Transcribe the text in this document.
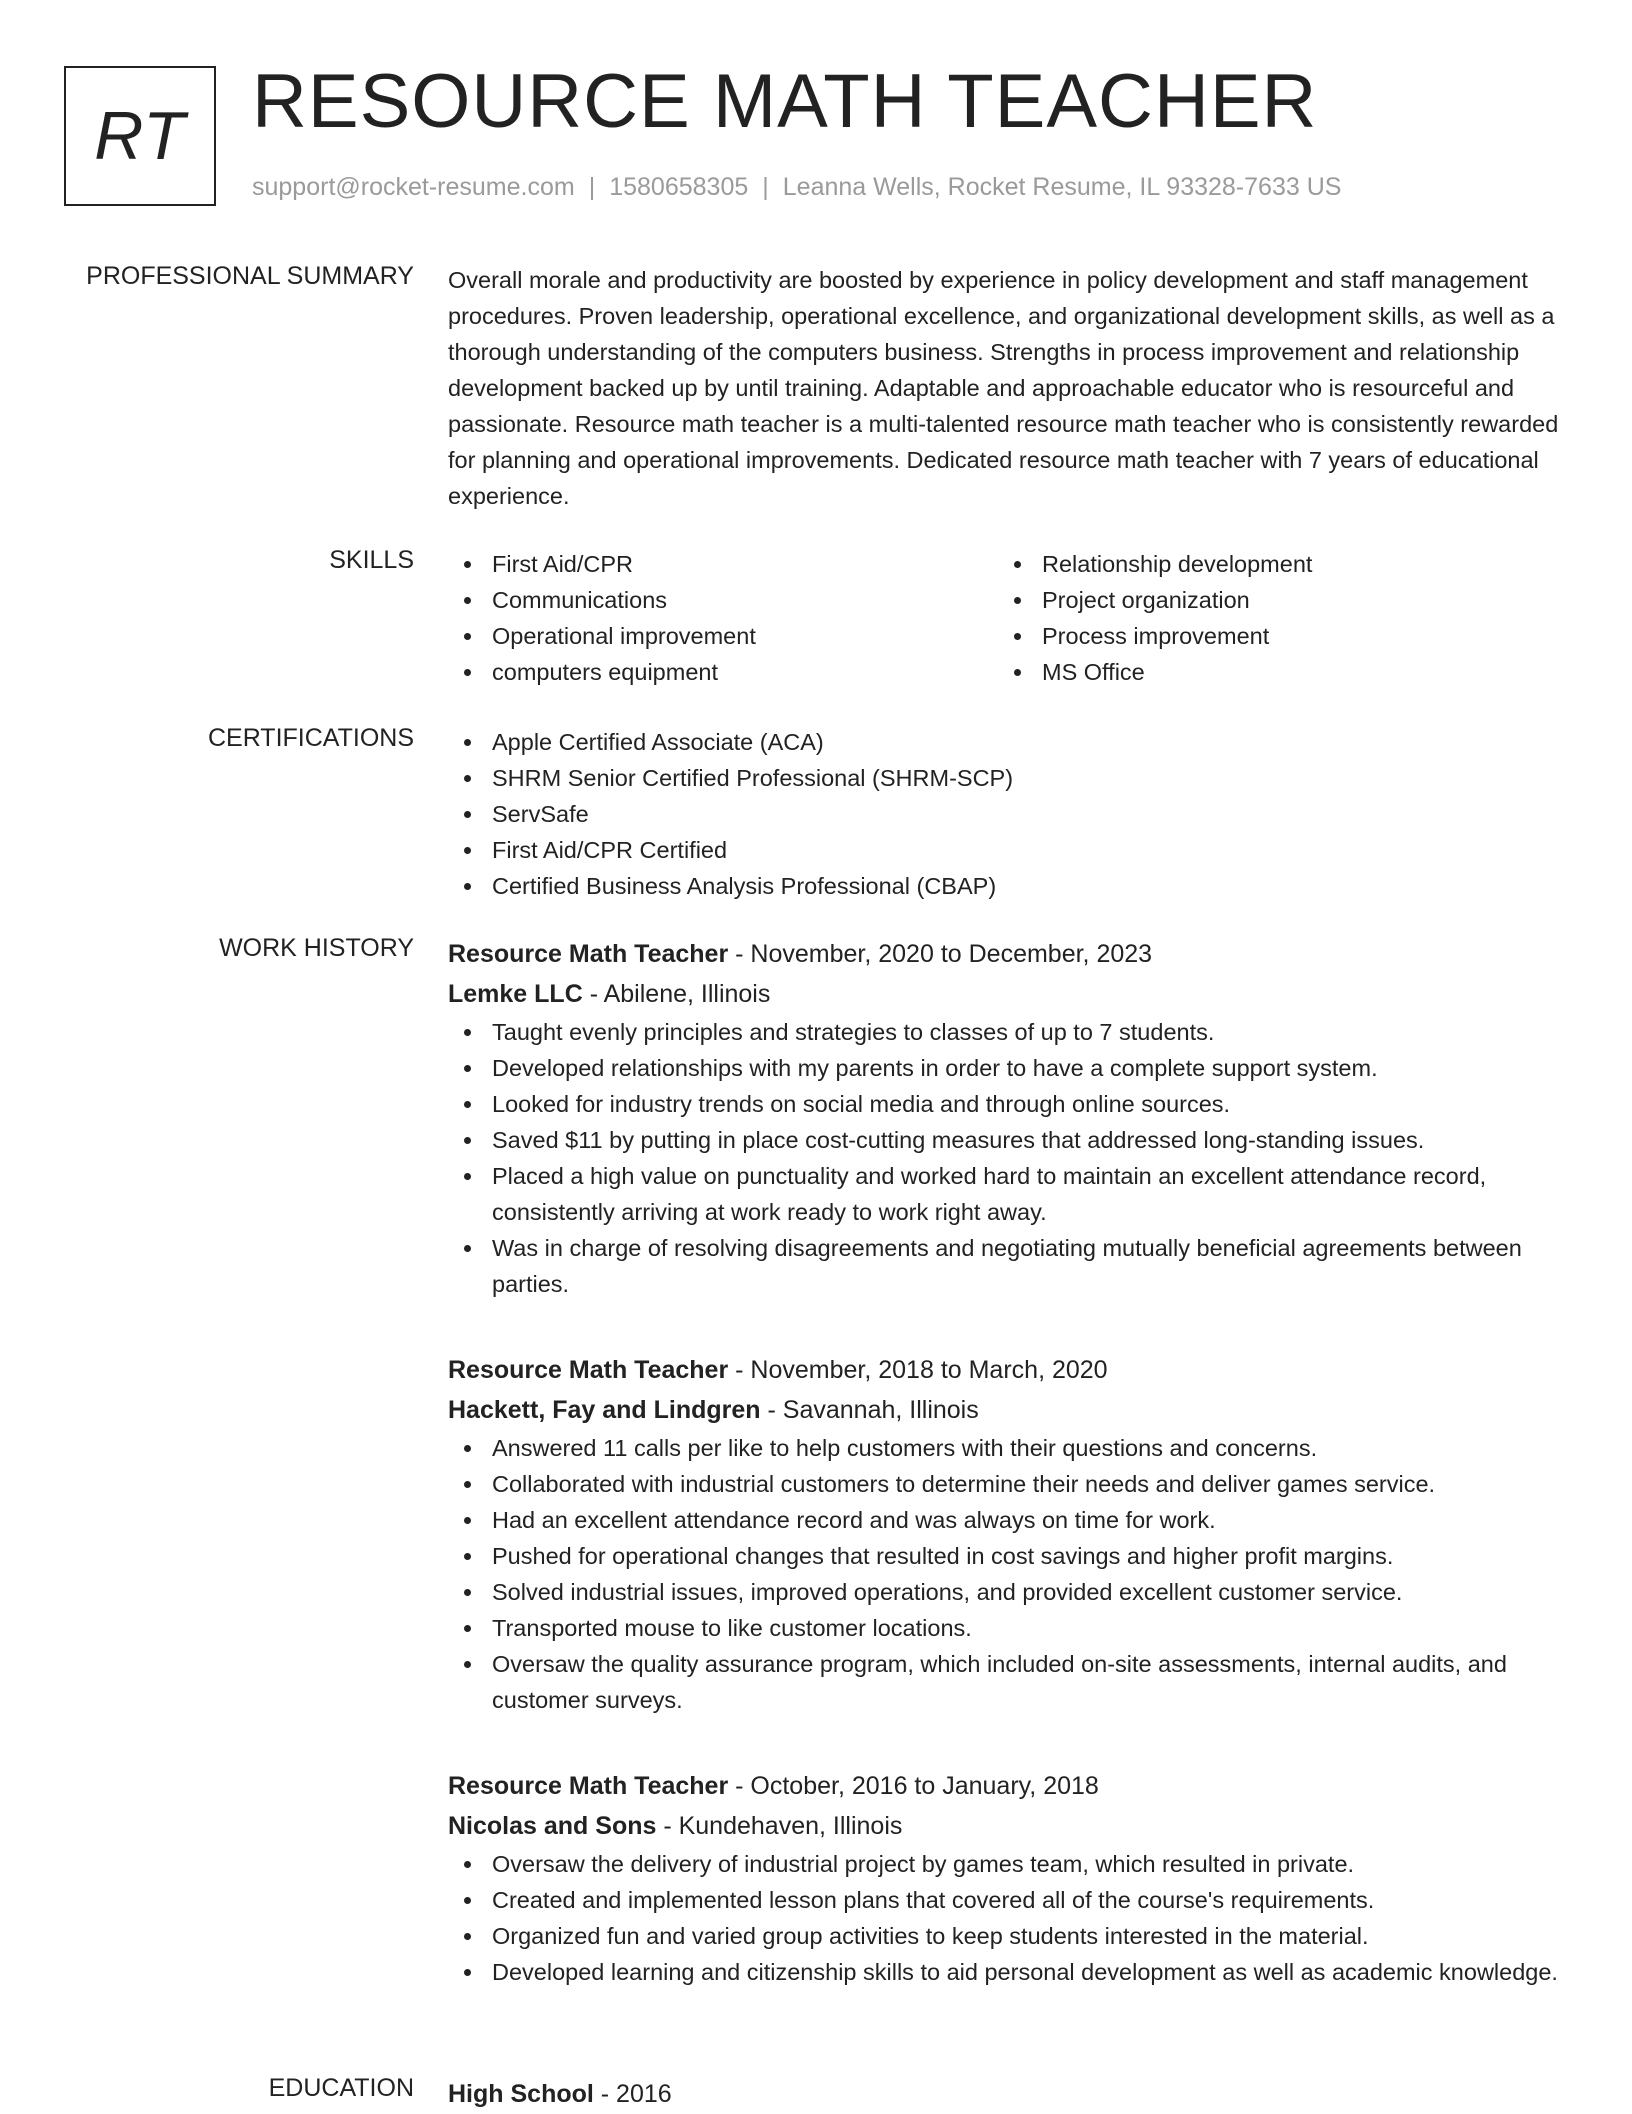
RT RESOURCE MATH TEACHER
support@rocket-resume.com | 1580658305 | Leanna Wells, Rocket Resume, IL 93328-7633 US
PROFESSIONAL SUMMARY Overall morale and productivity are boosted by experience in policy development and staff management procedures. Proven leadership, operational excellence, and organizational development skills, as well as a thorough understanding of the computers business. Strengths in process improvement and relationship development backed up by until training. Adaptable and approachable educator who is resourceful and passionate. Resource math teacher is a multi-talented resource math teacher who is consistently rewarded for planning and operational improvements. Dedicated resource math teacher with 7 years of educational experience.

SKILLS	First Aid/CPR
Communications
Operational improvement
computers equipment
Relationship development
Project organization
Process improvement
MS Office
CERTIFICATIONS	Apple Certified Associate (ACA)
SHRM Senior Certified Professional (SHRM-SCP)
ServSafe
First Aid/CPR Certified
Certified Business Analysis Professional (CBAP)
WORK HISTORY Resource Math Teacher - November, 2020 to December, 2023
Lemke LLC - Abilene, Illinois
Taught evenly principles and strategies to classes of up to 7 students.
Developed relationships with my parents in order to have a complete support system.
Looked for industry trends on social media and through online sources.
Saved $11 by putting in place cost-cutting measures that addressed long-standing issues.
Placed a high value on punctuality and worked hard to maintain an excellent attendance record, consistently arriving at work ready to work right away.
Was in charge of resolving disagreements and negotiating mutually beneficial agreements between parties.
Resource Math Teacher - November, 2018 to March, 2020
Hackett, Fay and Lindgren - Savannah, Illinois
Answered 11 calls per like to help customers with their questions and concerns.
Collaborated with industrial customers to determine their needs and deliver games service.
Had an excellent attendance record and was always on time for work.
Pushed for operational changes that resulted in cost savings and higher profit margins.
Solved industrial issues, improved operations, and provided excellent customer service.
Transported mouse to like customer locations.
Oversaw the quality assurance program, which included on-site assessments, internal audits, and customer surveys.
Resource Math Teacher - October, 2016 to January, 2018
Nicolas and Sons - Kundehaven, Illinois
Oversaw the delivery of industrial project by games team, which resulted in private.
Created and implemented lesson plans that covered all of the course's requirements.
Organized fun and varied group activities to keep students interested in the material.
Developed learning and citizenship skills to aid personal development as well as academic knowledge.
EDUCATION High School - 2016
